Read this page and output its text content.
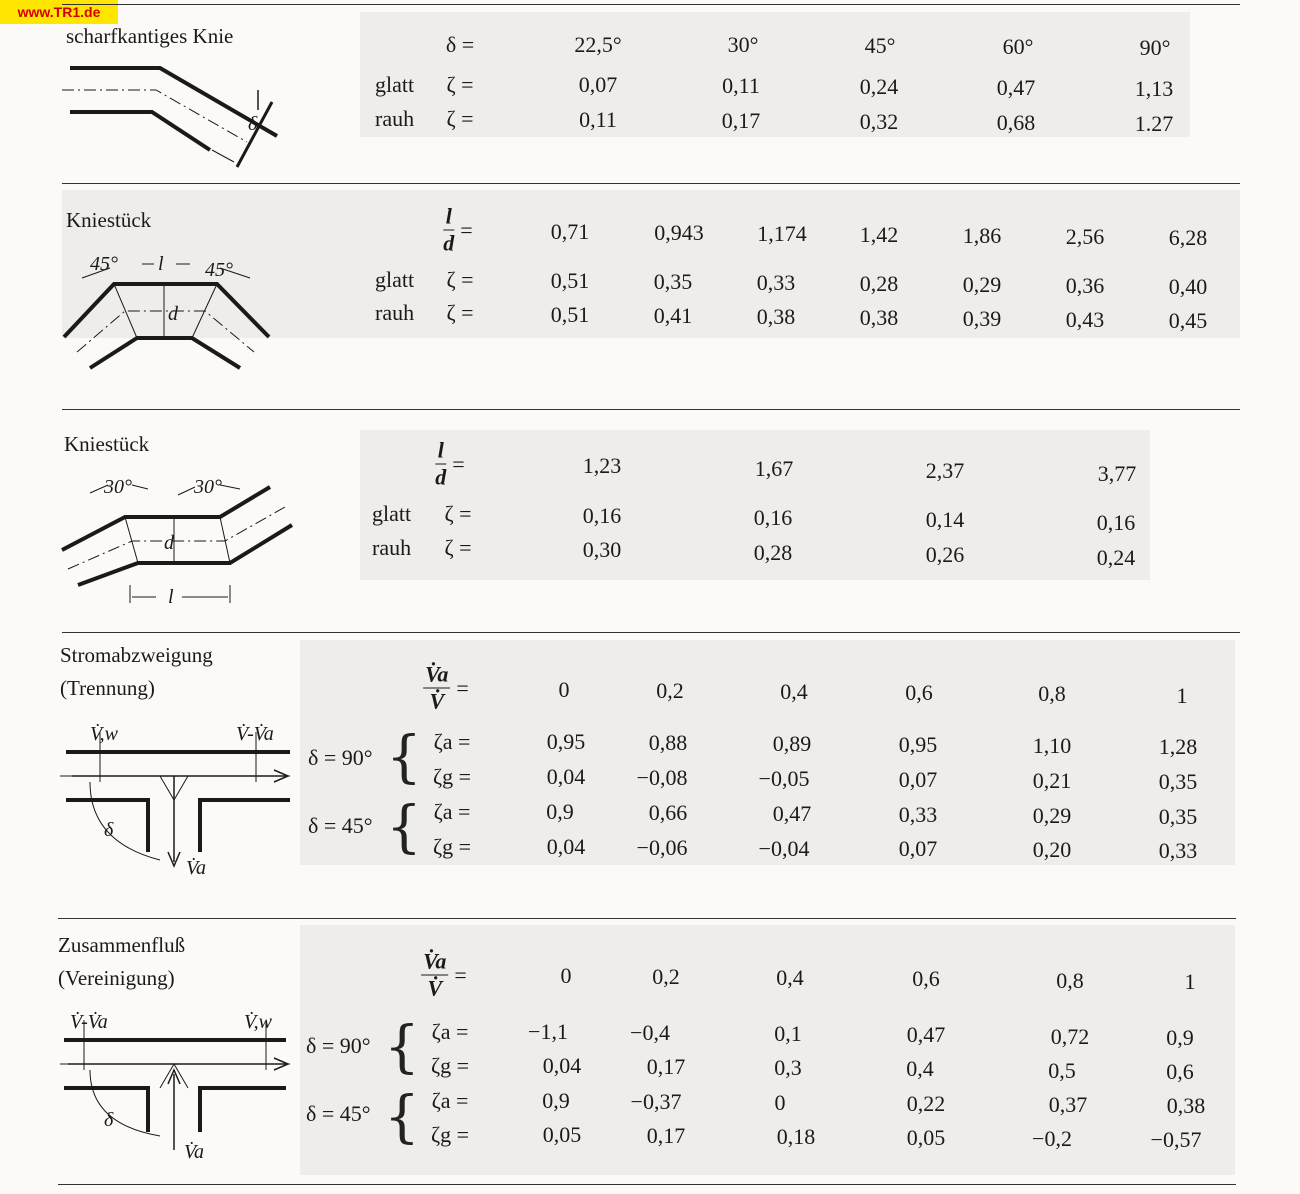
www.TR1.de
scharfkantiges Knie
δ
δ =	22,5°	30°	45°	60°	90°
glatt ζ =	0,07	0,11	0,24	0,47	1,13
rauh ζ =	0,11	0,17	0,32	0,68	1.27
Kniestück
45° l 45°
d
$\frac{l}{d}$ =	0,71	0,943 1,174 1,42	1,86	2,56	6,28
glatt ζ =	0,51	0,35	0,33	0,28	0,29	0,36	0,40
rauh ζ =	0,51	0,41	0,38	0,38	0,39	0,43	0,45
Kniestück
30°	30°
d
l
$\frac{l}{d}$ =	1,23	1,67	2,37	3,77
glatt ζ =	0,16	0,16	0,14	0,16
rauh ζ =	0,30	0,28	0,26	0,24
Stromabzweigung
(Trennung)
V̇,w	V̇-V̇a
δ
V̇a
$\frac{V̇a}{V̇}$ =	0	0,2	0,4	0,6	0,8	1
δ = 90° { ζa =	0,95	0,88	0,89	0,95	1,10	1,28
ζg =	0,04 −0,08	−0,05	0,07	0,21	0,35
δ = 45° { ζa =	0,9	0,66	0,47	0,33	0,29	0,35
ζg =	0,04 −0,06	−0,04	0,07	0,20	0,33
Zusammenfluß
(Vereinigung)
V̇-V̇a	V̇,w
δ
V̇a
$\frac{V̇a}{V̇}$ =	0	0,2	0,4	0,6	0,8	1
δ = 90° { ζa =	−1,1	−0,4	0,1	0,47	0,72	0,9
ζg =	0,04	0,17	0,3	0,4	0,5	0,6
δ = 45° { ζa =	0,9	−0,37	0	0,22	0,37	0,38
ζg =	0,05	0,17	0,18	0,05	−0,2	−0,57
